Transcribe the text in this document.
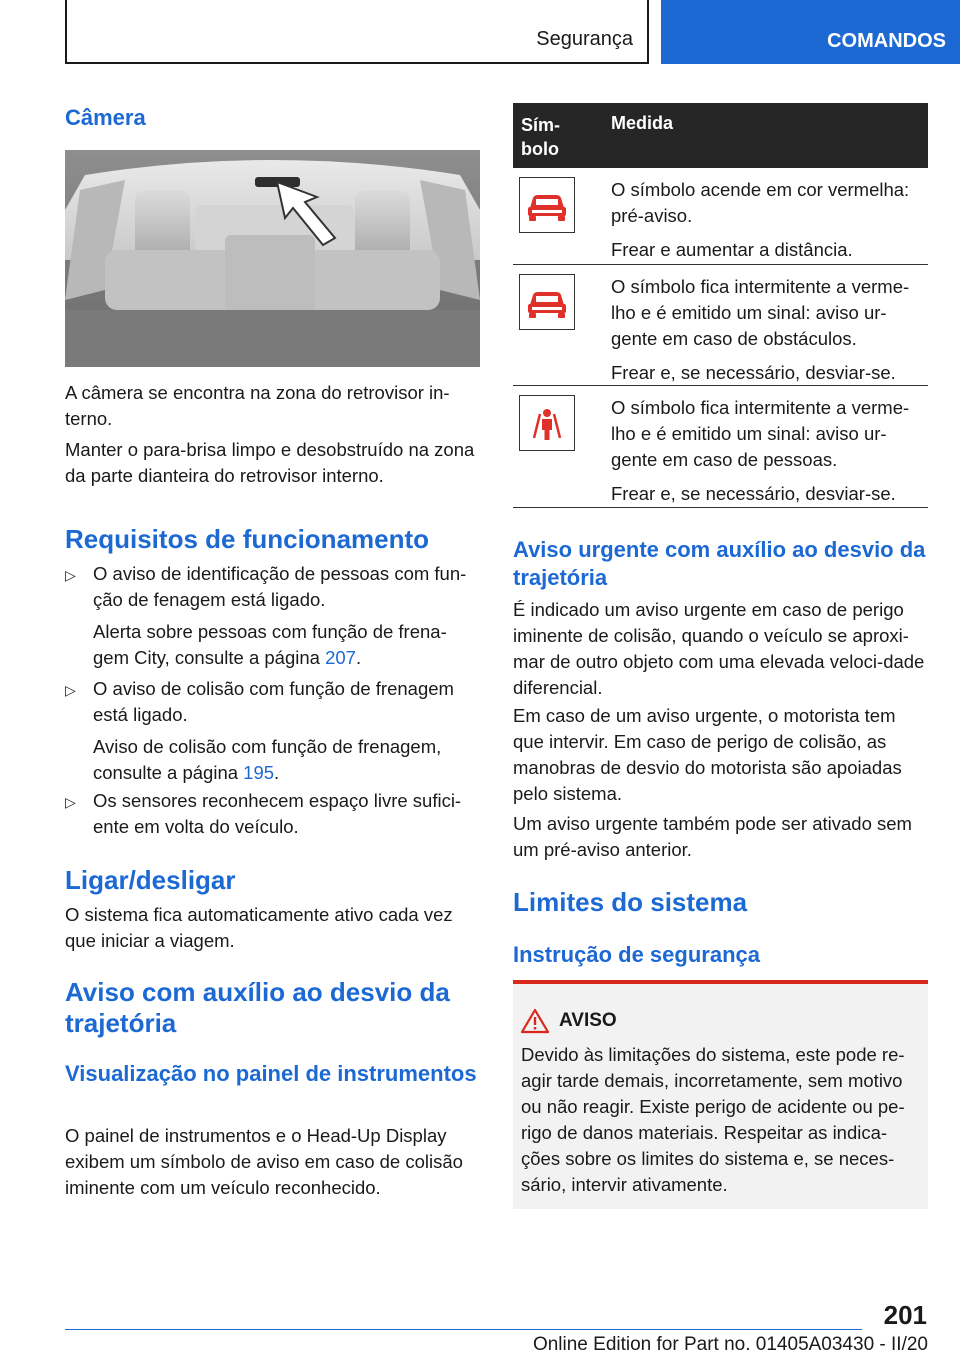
Segurança	COMANDOS
Câmera

A câmera se encontra na zona do retrovisor in-terno.

Manter o para-brisa limpo e desobstruído na zona da parte dianteira do retrovisor interno.

Requisitos de funcionamento
▷ O aviso de identificação de pessoas com fun-ção de fenagem está ligado.
Alerta sobre pessoas com função de frena-gem City, consulte a página 207.
▷ O aviso de colisão com função de frenagem está ligado.
Aviso de colisão com função de frenagem, consulte a página 195.
▷ Os sensores reconhecem espaço livre sufici-ente em volta do veículo.
Ligar/desligar

O sistema fica automaticamente ativo cada vez que iniciar a viagem.

Aviso com auxílio ao desvio da trajetória
Visualização no painel de instrumentos

O painel de instrumentos e o Head-Up Display exibem um símbolo de aviso em caso de colisão iminente com um veículo reconhecido.

Sím-bolo
Medida

O símbolo acende em cor vermelha: pré-aviso.

Frear e aumentar a distância.

O símbolo fica intermitente a verme-lho e é emitido um sinal: aviso ur-gente em caso de obstáculos.

Frear e, se necessário, desviar-se.

O símbolo fica intermitente a verme-lho e é emitido um sinal: aviso ur-gente em caso de pessoas.

Frear e, se necessário, desviar-se.

Aviso urgente com auxílio ao desvio da trajetória

É indicado um aviso urgente em caso de perigo iminente de colisão, quando o veículo se aproxi-mar de outro objeto com uma elevada veloci-dade diferencial.

Em caso de um aviso urgente, o motorista tem que intervir. Em caso de perigo de colisão, as manobras de desvio do motorista são apoiadas pelo sistema.

Um aviso urgente também pode ser ativado sem um pré-aviso anterior.

Limites do sistema
Instrução de segurança
AVISO
Devido às limitações do sistema, este pode re-agir tarde demais, incorretamente, sem motivo ou não reagir. Existe perigo de acidente ou pe-rigo de danos materiais. Respeitar as indica-ções sobre os limites do sistema e, se neces-sário, intervir ativamente.
201
Online Edition for Part no. 01405A03430 - II/20
